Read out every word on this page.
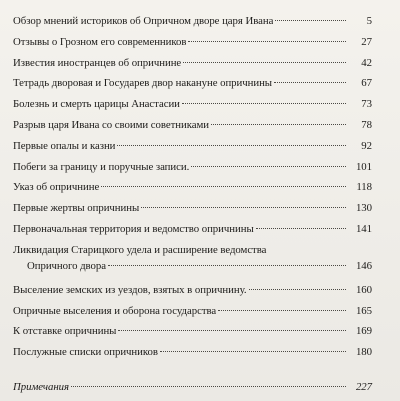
Обзор мнений историков об Опричном дворе царя Ивана	5
Отзывы о Грозном его современников	27
Известия иностранцев об опричнине	42
Тетрадь дворовая и Государев двор накануне опричнины	67
Болезнь и смерть царицы Анастасии	73
Разрыв царя Ивана со своими советниками	78
Первые опалы и казни	92
Побеги за границу и поручные записи.	101
Указ об опричнине	118
Первые жертвы опричнины	130
Первоначальная территория и ведомство опричнины	141
Ликвидация Старицкого удела и расширение ведомства
Опричного двора	146
Выселение земских из уездов, взятых в опричнину.	160
Опричные выселения и оборона государства	165
К отставке опричнины	169
Послужные списки опричников	180
Примечания	227
